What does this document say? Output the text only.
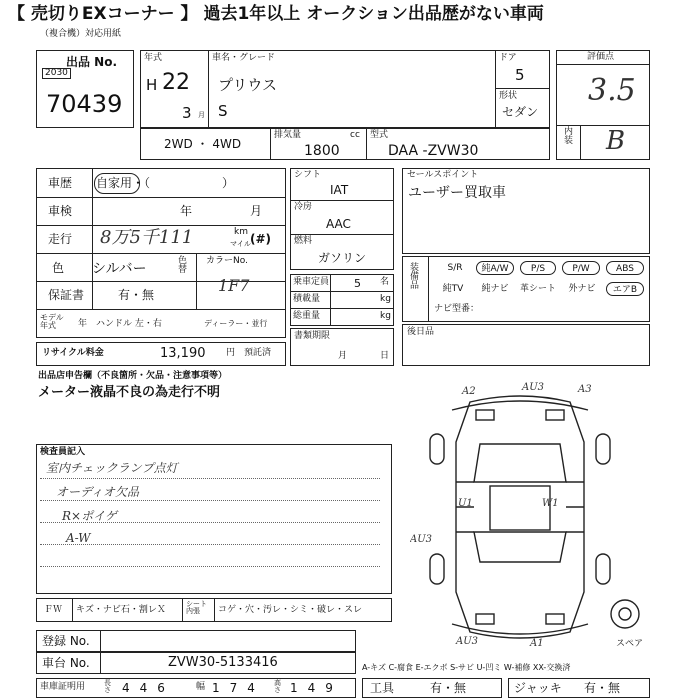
【 売切りEXコーナー 】 過去1年以上 オークション出品歴がない車両
（複合機）対応用紙
出品 No.
2030
70439
年式
H 22
3 月
車名・グレード
プリウス
S
ドア
5
形状
セダン
評価点
3.5
内装 B
2WD ・ 4WD
排気量	cc
1800
型式
DAA -ZVW30
車歴 自家用・（　　　　　　）
車検	年	月
走行 8万5千111	km
マイル (#)
色 シルバー	色替
カラーNo.
1F7
保証書	有・無
モデル年式	年 ハンドル 左・右	ディーラー・並行
シフト
IAT
冷房
AAC
燃料
ガソリン
乗車定員 5 名
積載量	kg
総重量	kg
書類期限
月	日
セールスポイント
ユーザー買取車
装備品
S/R	純A/W	P/S	P/W	ABS
純TV	純ナビ	革シート	外ナビ	エアB
ナビ型番：
後日品
リサイクル料金	13,190 円 預託済
出品店申告欄（不良箇所・欠品・注意事項等）
メーター液晶不良の為走行不明
検査員記入
室内チェックランプ点灯
オーディオ欠品
R×ポイゲ
A-W
ＦＷ キズ・ナビ石・割レＸ
シート内張	コゲ・穴・汚レ・シミ・破レ・スレ
登録 No.
車台 No.	ZVW30-5133416
車庫証明用	長さ 446 幅 174 高さ 149 工具	有・無	ジャッキ 有・無
A-キズ C-腐食 E-エクボ S-サビ U-凹ミ W-補修 XX-交換済
A2	AU3	A3
U1	W1
AU3
AU3	A1	スペア
